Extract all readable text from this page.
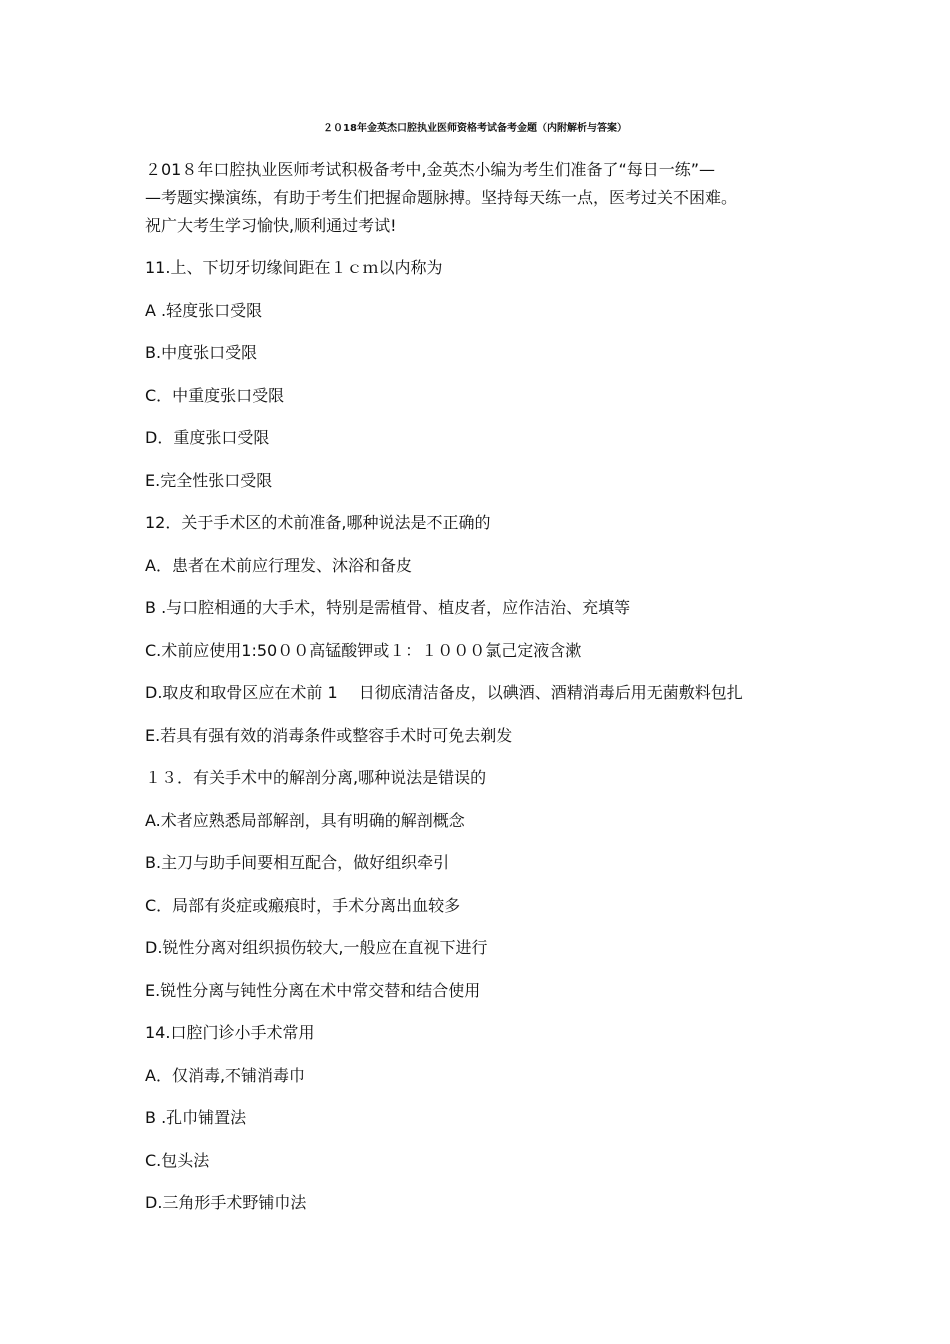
２０18年金英杰口腔执业医师资格考试备考金题（内附解析与答案）
２01８年口腔执业医师考试积极备考中,金英杰小编为考生们准备了“每日一练”—
—考题实操演练，有助于考生们把握命题脉搏。坚持每天练一点，医考过关不困难。
祝广大考生学习愉快,顺利通过考试!
11.上、下切牙切缘间距在１ｃｍ以内称为
A .轻度张口受限
B.中度张口受限
C．中重度张口受限
D．重度张口受限
E.完全性张口受限
12．关于手术区的术前准备,哪种说法是不正确的
A．患者在术前应行理发、沐浴和备皮
B .与口腔相通的大手术，特别是需植骨、植皮者，应作洁治、充填等
C.术前应使用1:50００高锰酸钾或１：１０００氯己定液含漱
D.取皮和取骨区应在术前 1 　日彻底清洁备皮，以碘酒、酒精消毒后用无菌敷料包扎
E.若具有强有效的消毒条件或整容手术时可免去剃发
１３．有关手术中的解剖分离,哪种说法是错误的
A.术者应熟悉局部解剖，具有明确的解剖概念
B.主刀与助手间要相互配合，做好组织牵引
C．局部有炎症或瘢痕时，手术分离出血较多
D.锐性分离对组织损伤较大,一般应在直视下进行
E.锐性分离与钝性分离在术中常交替和结合使用
14.口腔门诊小手术常用
A．仅消毒,不铺消毒巾
B .孔巾铺置法
C.包头法
D.三角形手术野铺巾法
